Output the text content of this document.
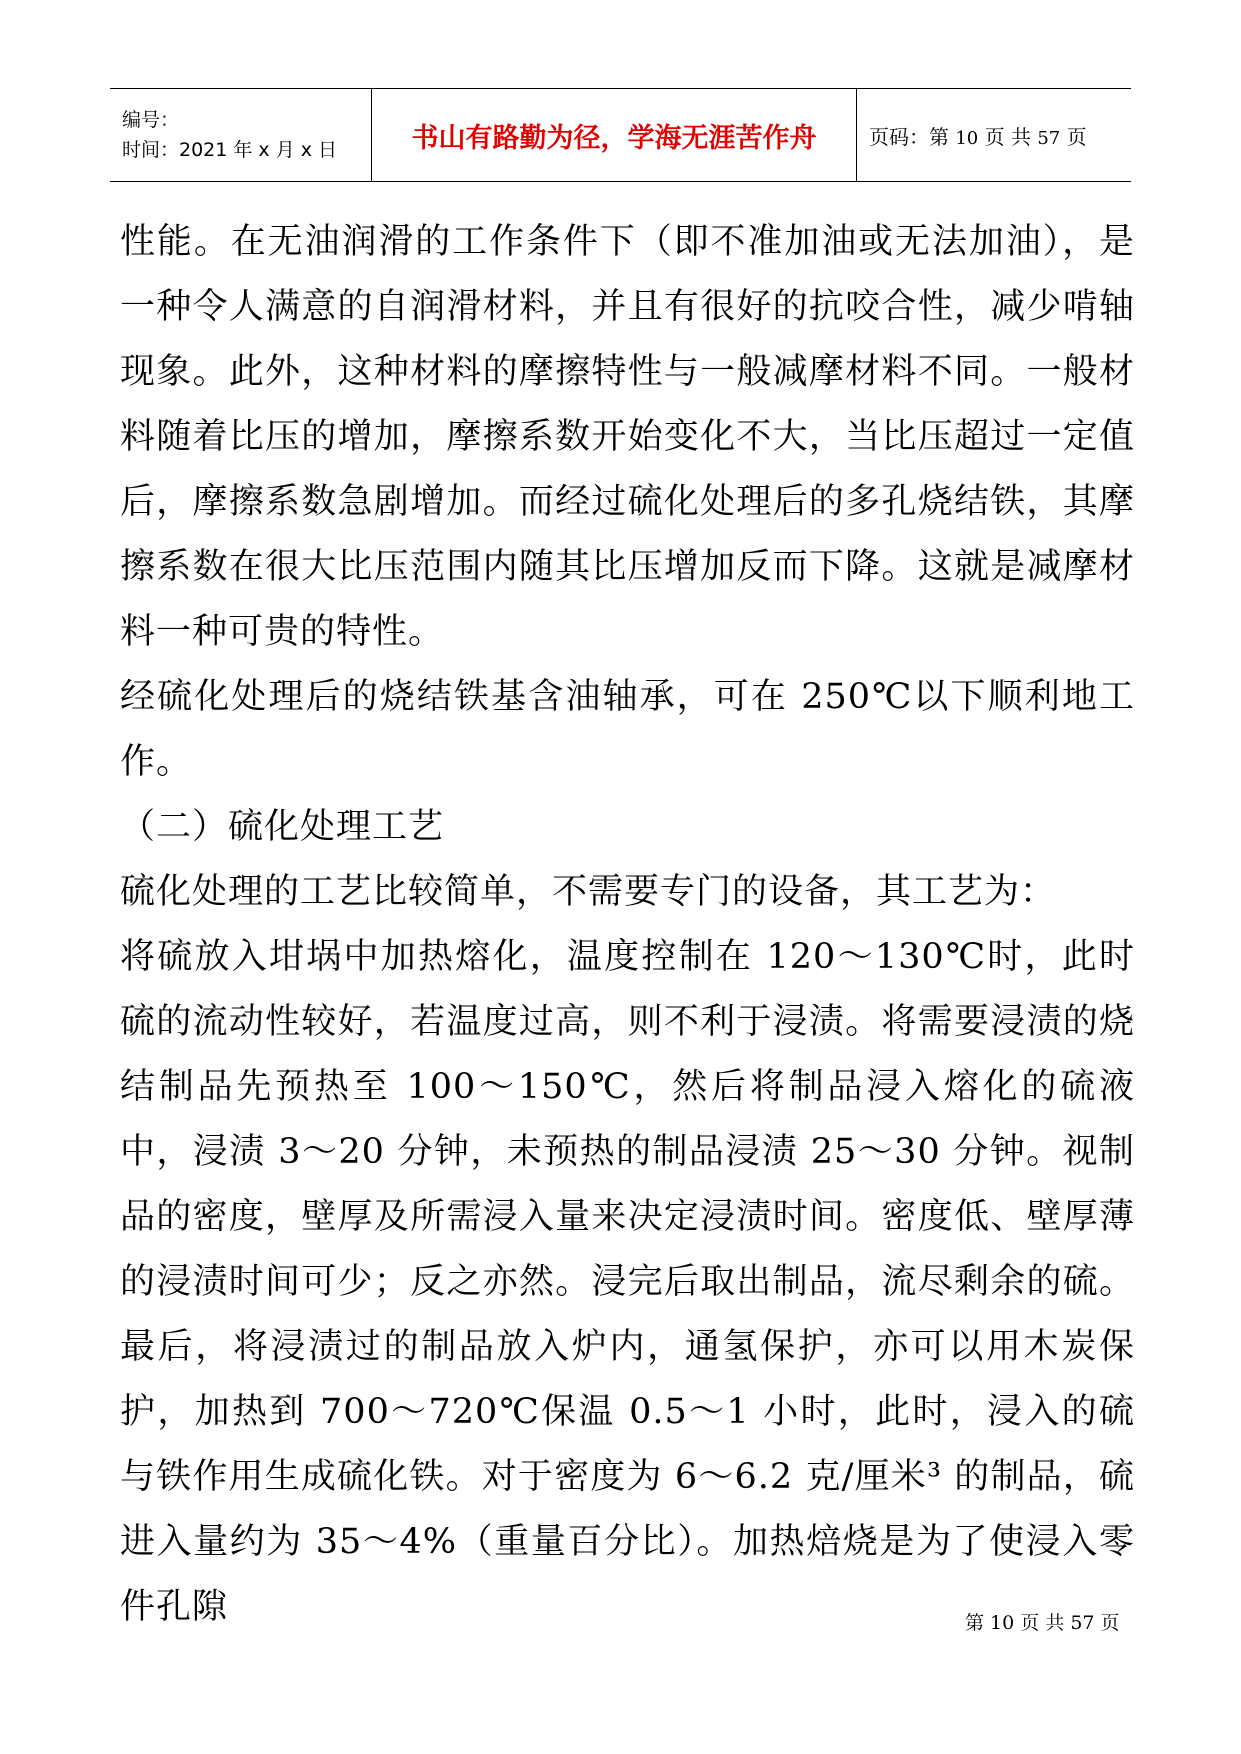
编号：
时间：2021 年 x 月 x 日	书山有路勤为径，学海无涯苦作舟	页码：第 10 页 共 57 页

性能。在无油润滑的工作条件下（即不准加油或无法加油），是一种令人满意的自润滑材料，并且有很好的抗咬合性，减少啃轴现象。此外，这种材料的摩擦特性与一般减摩材料不同。一般材料随着比压的增加，摩擦系数开始变化不大，当比压超过一定值后，摩擦系数急剧增加。而经过硫化处理后的多孔烧结铁，其摩擦系数在很大比压范围内随其比压增加反而下降。这就是减摩材料一种可贵的特性。

经硫化处理后的烧结铁基含油轴承，可在 250℃以下顺利地工作。

（二）硫化处理工艺

硫化处理的工艺比较简单，不需要专门的设备，其工艺为：

将硫放入坩埚中加热熔化，温度控制在 120～130℃时，此时硫的流动性较好，若温度过高，则不利于浸渍。将需要浸渍的烧结制品先预热至 100～150℃，然后将制品浸入熔化的硫液中，浸渍 3～20 分钟，未预热的制品浸渍 25～30 分钟。视制品的密度，壁厚及所需浸入量来决定浸渍时间。密度低、壁厚薄的浸渍时间可少；反之亦然。浸完后取出制品，流尽剩余的硫。最后，将浸渍过的制品放入炉内，通氢保护，亦可以用木炭保护，加热到 700～720℃保温 0.5～1 小时，此时，浸入的硫与铁作用生成硫化铁。对于密度为 6～6.2 克/厘米³ 的制品，硫进入量约为 35～4%（重量百分比）。加热焙烧是为了使浸入零件孔隙	第 10 页 共 57 页
